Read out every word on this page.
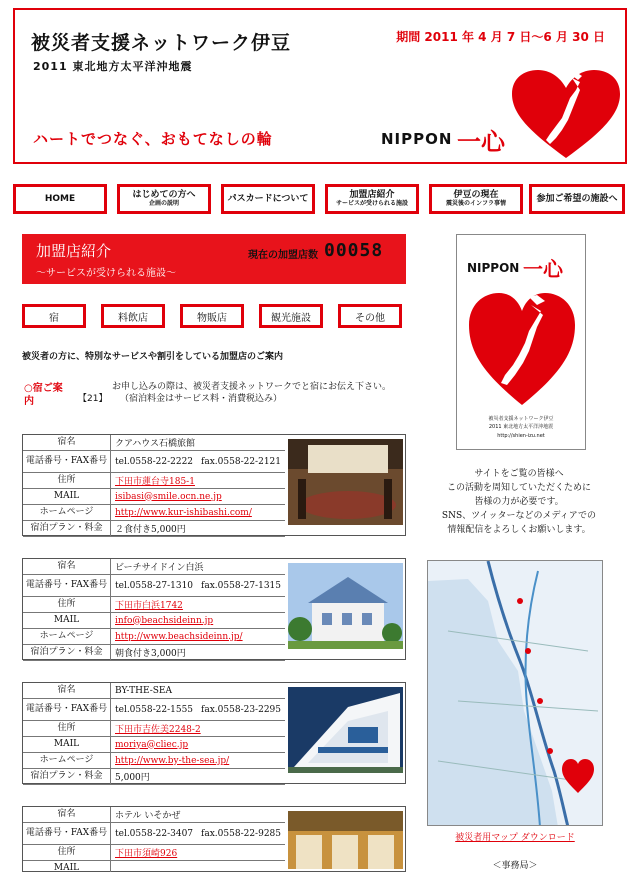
被災者支援ネットワーク伊豆
2011 東北地方太平洋沖地震
期間 2011 年 4 月 7 日〜6 月 30 日
ハートでつなぐ、おもてなしの輪	NIPPON 一心
HOME	はじめての方へ
企画の説明	パスカードについて	加盟店紹介
サービスが受けられる施設
伊豆の現在
震災後のインフラ事情	参加ご希望の施設へ
加盟店紹介
〜サービスが受けられる施設〜
現在の加盟店数 00058
宿	料飲店	物販店	観光施設	その他
被災者の方に、特別なサービスや割引をしている加盟店のご案内
○宿ご案内	【21】
お申し込みの際は、被災者支援ネットワークでと宿にお伝え下さい。
（宿泊料金はサービス料・消費税込み）
宿名	クアハウス石橋旅館
電話番号・FAX番号 tel.0558-22-2222 fax.0558-22-2121
住所	下田市蓮台寺185-1
MAIL	isibasi@smile.ocn.ne.jp
ホームページ	http://www.kur-ishibashi.com/
宿泊プラン・料金	２食付き5,000円
宿名	ビーチサイドイン白浜
電話番号・FAX番号 tel.0558-27-1310 fax.0558-27-1315
住所	下田市白浜1742
MAIL	info@beachsideinn.jp
ホームページ	http://www.beachsideinn.jp/
宿泊プラン・料金	朝食付き3,000円
宿名	BY-THE-SEA
電話番号・FAX番号 tel.0558-22-1555 fax.0558-23-2295
住所	下田市吉佐美2248-2
MAIL	moriya@cliec.jp
ホームページ	http://www.by-the-sea.jp/
宿泊プラン・料金	5,000円
宿名	ホテル いそかぜ
電話番号・FAX番号 tel.0558-22-3407 fax.0558-22-9285
住所	下田市須崎926
MAIL
NIPPON 一心
被災者支援ネットワーク伊豆
2011 東北地方太平洋沖地震
http://shien-izu.net
サイトをご覧の皆様へ
この活動を周知していただくために
皆様の力が必要です。
SNS、ツイッターなどのメディアでの
情報配信をよろしくお願いします。
被災者用マップ ダウンロード
＜事務局＞
